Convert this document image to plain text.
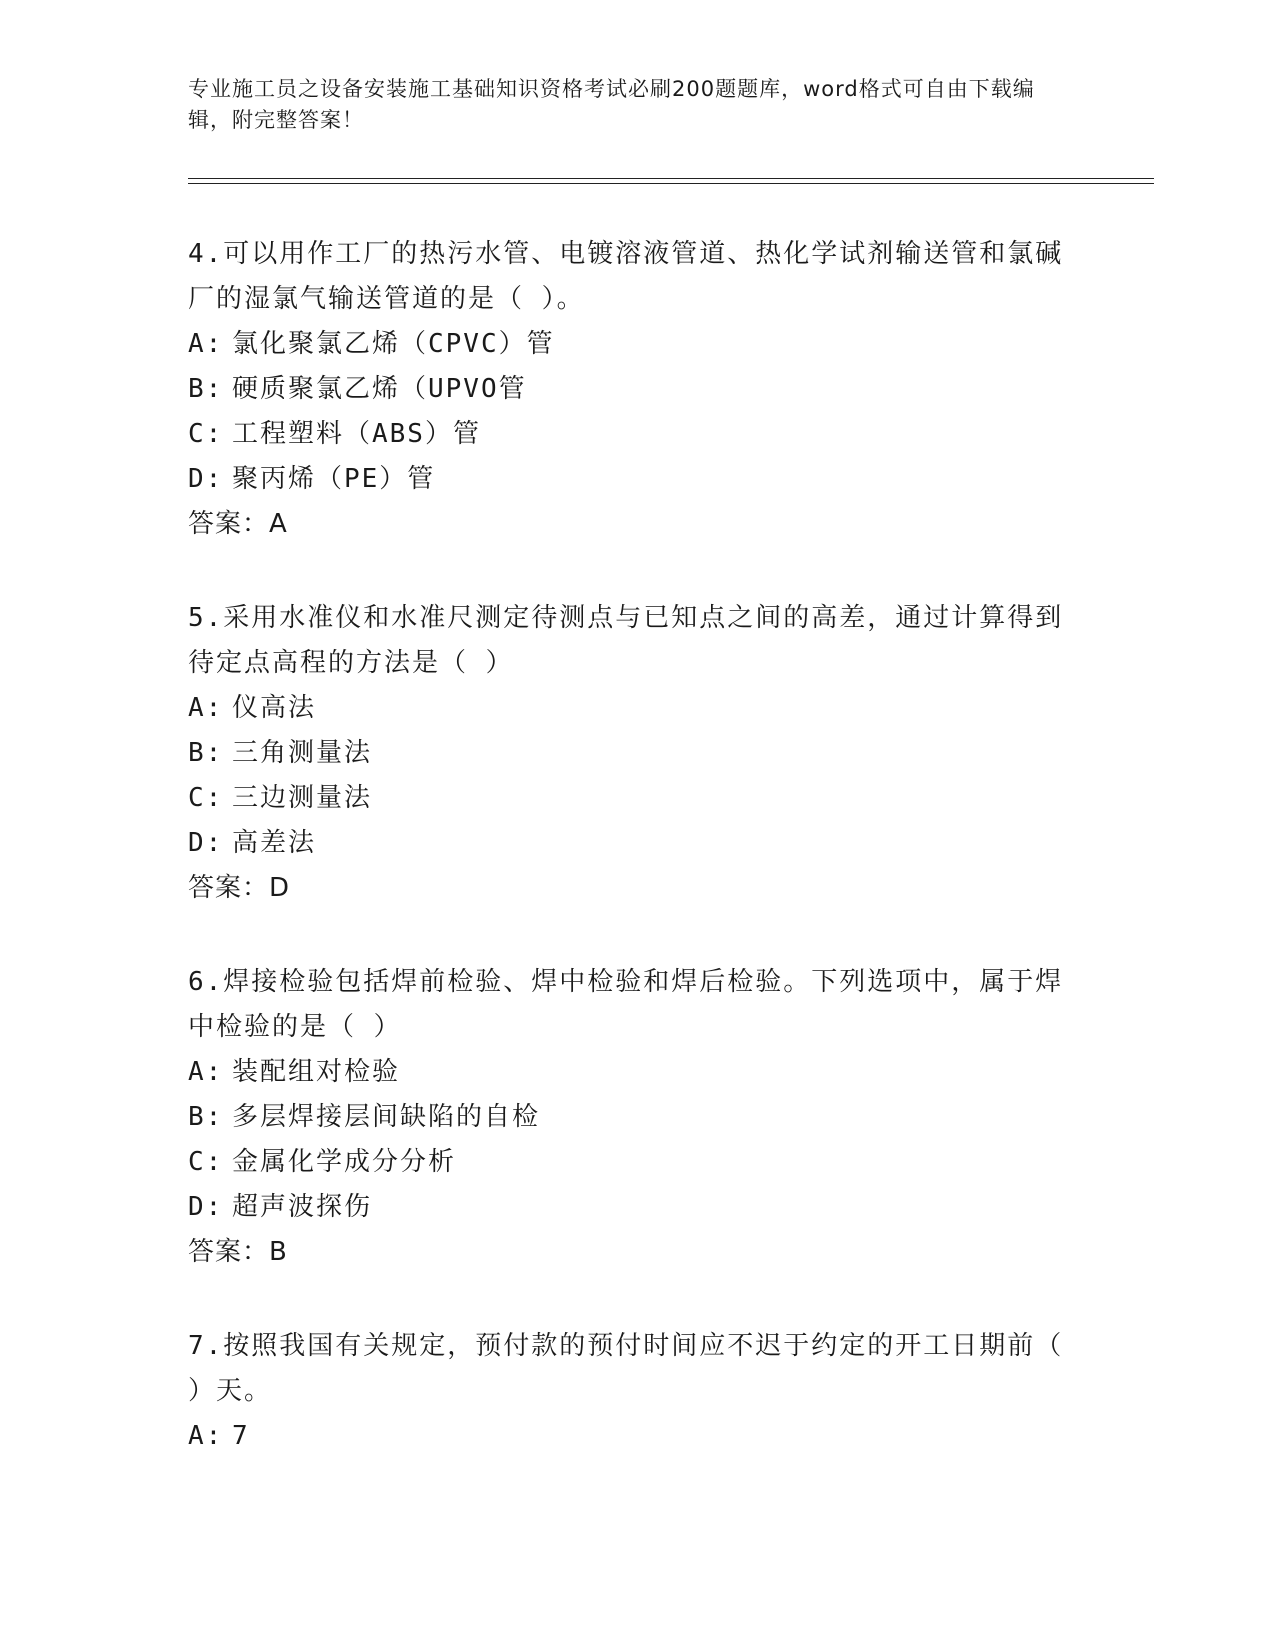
专业施工员之设备安装施工基础知识资格考试必刷200题题库，word格式可自由下载编辑，附完整答案！

4.可以用作工厂的热污水管、电镀溶液管道、热化学试剂输送管和氯碱厂的湿氯气输送管道的是（ ）。

A: 氯化聚氯乙烯（CPVC）管

B: 硬质聚氯乙烯（UPVO管

C: 工程塑料（ABS）管

D: 聚丙烯（PE）管

答案：A

5.采用水准仪和水准尺测定待测点与已知点之间的高差，通过计算得到待定点高程的方法是（ ）

A: 仪高法

B: 三角测量法

C: 三边测量法

D: 高差法

答案：D

6.焊接检验包括焊前检验、焊中检验和焊后检验。下列选项中，属于焊中检验的是（ ）

A: 装配组对检验

B: 多层焊接层间缺陷的自检

C: 金属化学成分分析

D: 超声波探伤

答案：B

7.按照我国有关规定，预付款的预付时间应不迟于约定的开工日期前（ ）天。

A: 7
